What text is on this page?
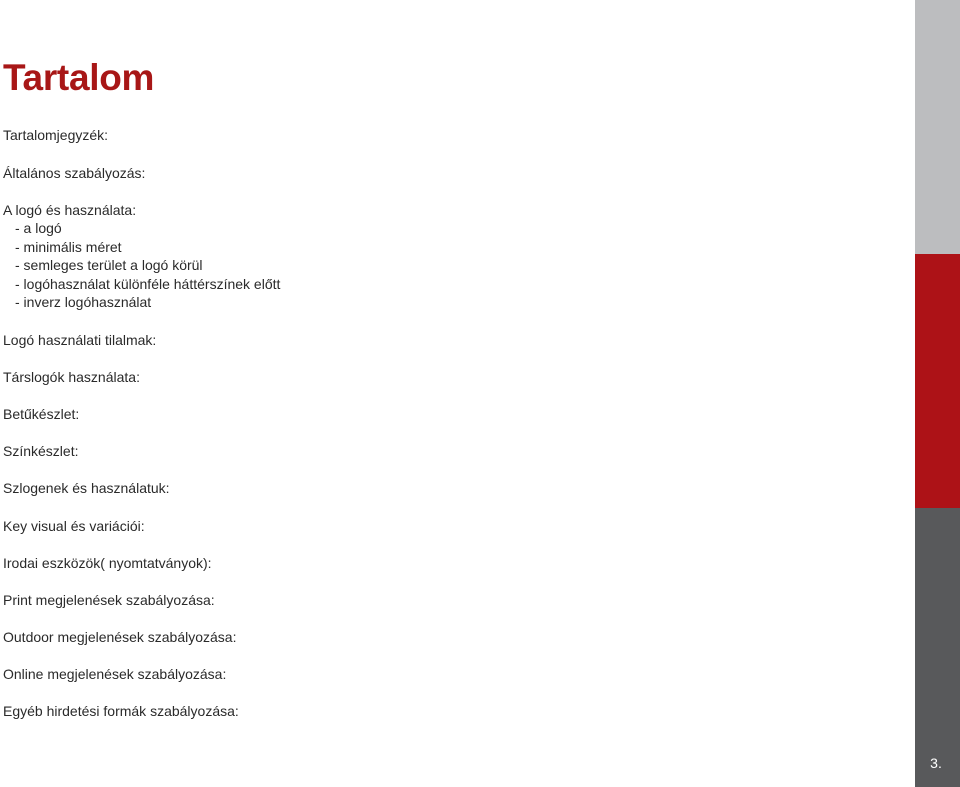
Tartalom
Tartalomjegyzék:
Általános szabályozás:
A logó és használata:
- a logó
- minimális méret
- semleges terület a logó körül
- logóhasználat különféle háttérszínek előtt
- inverz logóhasználat
Logó használati tilalmak:
Társlogók használata:
Betűkészlet:
Színkészlet:
Szlogenek és használatuk:
Key visual és variációi:
Irodai eszközök( nyomtatványok):
Print megjelenések szabályozása:
Outdoor megjelenések szabályozása:
Online megjelenések szabályozása:
Egyéb hirdetési formák szabályozása:
3.
